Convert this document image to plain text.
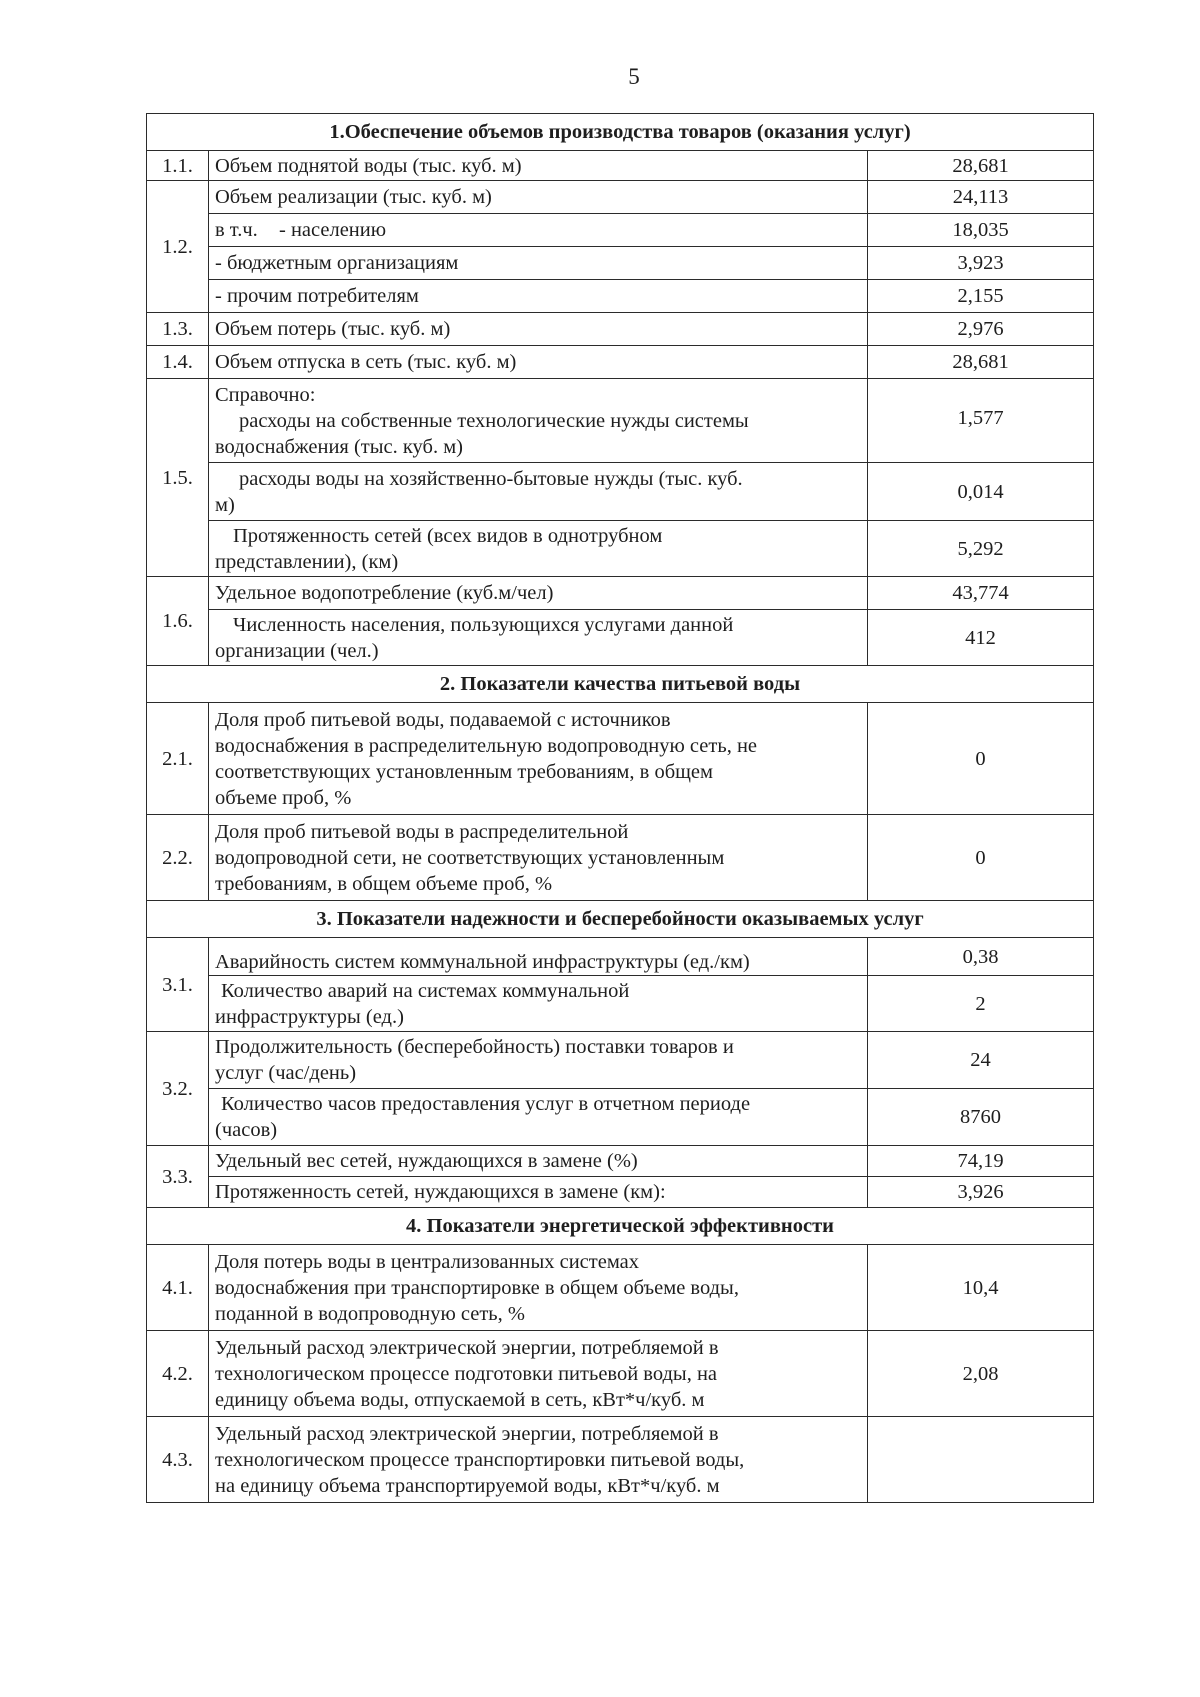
5
1.Обеспечение объемов производства товаров (оказания услуг)		
1.1.	Объем поднятой воды (тыс. куб. м)	28,681
1.2.	Объем реализации (тыс. куб. м)	24,113
	в т.ч. - населению	18,035
	- бюджетным организациям	3,923
	- прочим потребителям	2,155
1.3.	Объем потерь (тыс. куб. м)	2,976
1.4.	Объем отпуска в сеть (тыс. куб. м)	28,681
1.5.	Справочно:
расходы на собственные технологические нужды системы
водоснабжения (тыс. куб. м)	1,577

	расходы воды на хозяйственно-бытовые нужды (тыс. куб.
м)	0,014

	Протяженность сетей (всех видов в однотрубном
представлении), (км)	5,292
1.6.	Удельное водопотребление (куб.м/чел)	43,774

	Численность населения, пользующихся услугами данной
организации (чел.)	412
2. Показатели качества питьевой воды		
2.1.	Доля проб питьевой воды, подаваемой с источников
водоснабжения в распределительную водопроводную сеть, не
соответствующих установленным требованиям, в общем
объеме проб, %	0
2.2.	Доля проб питьевой воды в распределительной
водопроводной сети, не соответствующих установленным
требованиям, в общем объеме проб, %	0
3. Показатели надежности и бесперебойности оказываемых услуг		
3.1.	Аварийность систем коммунальной инфраструктуры (ед./км)	0,38

	Количество аварий на системах коммунальной
инфраструктуры (ед.)	2
3.2.	Продолжительность (бесперебойность) поставки товаров и
услуг (час/день)	24

	Количество часов предоставления услуг в отчетном периоде
(часов)	8760
3.3.	Удельный вес сетей, нуждающихся в замене (%)	74,19
	Протяженность сетей, нуждающихся в замене (км):	3,926
4. Показатели энергетической эффективности		
4.1.	Доля потерь воды в централизованных системах
водоснабжения при транспортировке в общем объеме воды,
поданной в водопроводную сеть, %	10,4
4.2.	Удельный расход электрической энергии, потребляемой в
технологическом процессе подготовки питьевой воды, на
единицу объема воды, отпускаемой в сеть, кВт*ч/куб. м	2,08
4.3.	Удельный расход электрической энергии, потребляемой в
технологическом процессе транспортировки питьевой воды,
на единицу объема транспортируемой воды, кВт*ч/куб. м	
